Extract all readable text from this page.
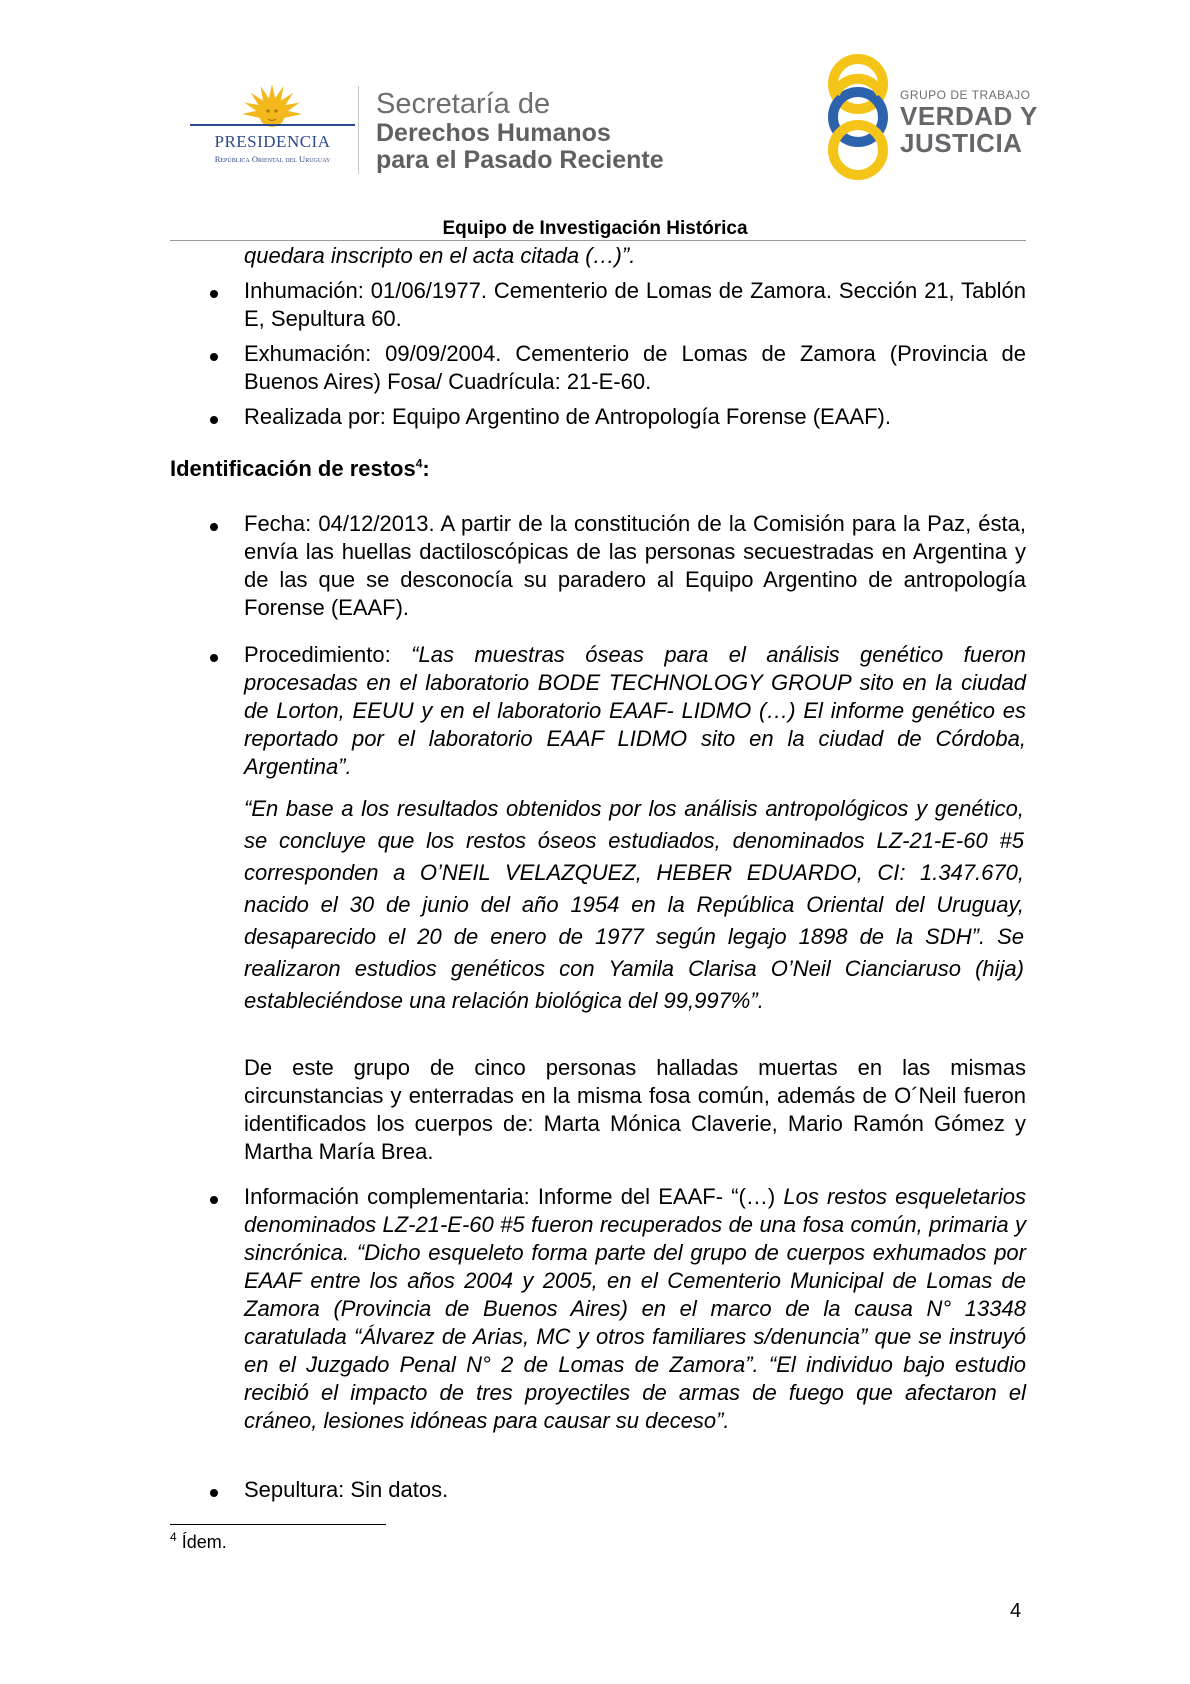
PRESIDENCIA
República Oriental del Uruguay
Secretaría de
Derechos Humanos
para el Pasado Reciente
GRUPO DE TRABAJO
VERDAD Y
JUSTICIA
Equipo de Investigación Histórica
quedara inscripto en el acta citada (…)”.
Inhumación: 01/06/1977. Cementerio de Lomas de Zamora. Sección 21, Tablón E, Sepultura 60.
Exhumación: 09/09/2004. Cementerio de Lomas de Zamora (Provincia de Buenos Aires) Fosa/ Cuadrícula: 21-E-60.
Realizada por: Equipo Argentino de Antropología Forense (EAAF).
Identificación de restos$^4$:
Fecha: 04/12/2013. A partir de la constitución de la Comisión para la Paz, ésta, envía las huellas dactiloscópicas de las personas secuestradas en Argentina y de las que se desconocía su paradero al Equipo Argentino de antropología Forense (EAAF).
Procedimiento: “Las muestras óseas para el análisis genético fueron procesadas en el laboratorio BODE TECHNOLOGY GROUP sito en la ciudad de Lorton, EEUU y en el laboratorio EAAF- LIDMO (…) El informe genético es reportado por el laboratorio EAAF LIDMO sito en la ciudad de Córdoba, Argentina”.
“En base a los resultados obtenidos por los análisis antropológicos y genético, se concluye que los restos óseos estudiados, denominados LZ-21-E-60 #5 corresponden a O’NEIL VELAZQUEZ, HEBER EDUARDO, CI: 1.347.670, nacido el 30 de junio del año 1954 en la República Oriental del Uruguay, desaparecido el 20 de enero de 1977 según legajo 1898 de la SDH”. Se realizaron estudios genéticos con Yamila Clarisa O’Neil Cianciaruso (hija) estableciéndose una relación biológica del 99,997%”.
De este grupo de cinco personas halladas muertas en las mismas circunstancias y enterradas en la misma fosa común, además de O´Neil fueron identificados los cuerpos de: Marta Mónica Claverie, Mario Ramón Gómez y Martha María Brea.
Información complementaria: Informe del EAAF- “(…) Los restos esqueletarios denominados LZ-21-E-60 #5 fueron recuperados de una fosa común, primaria y sincrónica. “Dicho esqueleto forma parte del grupo de cuerpos exhumados por EAAF entre los años 2004 y 2005, en el Cementerio Municipal de Lomas de Zamora (Provincia de Buenos Aires) en el marco de la causa N° 13348 caratulada “Álvarez de Arias, MC y otros familiares s/denuncia” que se instruyó en el Juzgado Penal N° 2 de Lomas de Zamora”. “El individuo bajo estudio recibió el impacto de tres proyectiles de armas de fuego que afectaron el cráneo, lesiones idóneas para causar su deceso”.
Sepultura: Sin datos.
$^4$ Ídem.
4
